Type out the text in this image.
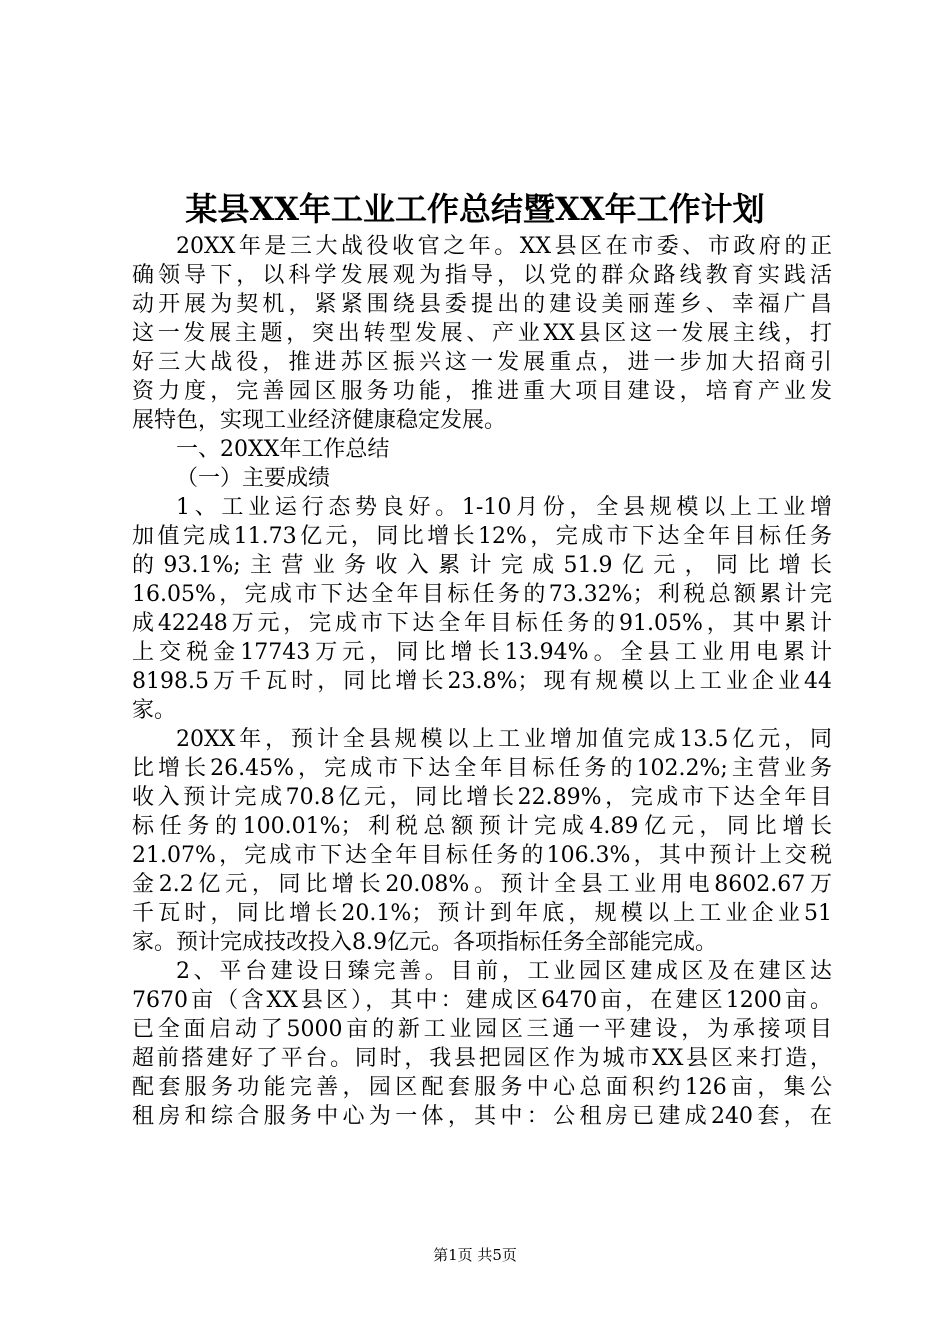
某县XX年工业工作总结暨XX年工作计划
20XX年是三大战役收官之年。XX县区在市委、市政府的正
确领导下，以科学发展观为指导，以党的群众路线教育实践活
动开展为契机，紧紧围绕县委提出的建设美丽莲乡、幸福广昌
这一发展主题，突出转型发展、产业XX县区这一发展主线，打
好三大战役，推进苏区振兴这一发展重点，进一步加大招商引
资力度，完善园区服务功能，推进重大项目建设，培育产业发
展特色，实现工业经济健康稳定发展。
一、20XX年工作总结
（一）主要成绩
1、工业运行态势良好。1-10月份，全县规模以上工业增
加值完成11.73亿元，同比增长12%，完成市下达全年目标任务
的93.1%;主营业务收入累计完成51.9亿元，同比增长
16.05%，完成市下达全年目标任务的73.32%；利税总额累计完
成42248万元，完成市下达全年目标任务的91.05%，其中累计
上交税金17743万元，同比增长13.94%。全县工业用电累计
8198.5万千瓦时，同比增长23.8%；现有规模以上工业企业44
家。
20XX年，预计全县规模以上工业增加值完成13.5亿元，同
比增长26.45%，完成市下达全年目标任务的102.2%;主营业务
收入预计完成70.8亿元，同比增长22.89%，完成市下达全年目
标任务的100.01%；利税总额预计完成4.89亿元，同比增长
21.07%，完成市下达全年目标任务的106.3%，其中预计上交税
金2.2亿元，同比增长20.08%。预计全县工业用电8602.67万
千瓦时，同比增长20.1%；预计到年底，规模以上工业企业51
家。预计完成技改投入8.9亿元。各项指标任务全部能完成。
2、平台建设日臻完善。目前，工业园区建成区及在建区达
7670亩（含XX县区），其中：建成区6470亩，在建区1200亩。
已全面启动了5000亩的新工业园区三通一平建设，为承接项目
超前搭建好了平台。同时，我县把园区作为城市XX县区来打造，
配套服务功能完善，园区配套服务中心总面积约126亩，集公
租房和综合服务中心为一体，其中：公租房已建成240套，在
第1页 共5页
